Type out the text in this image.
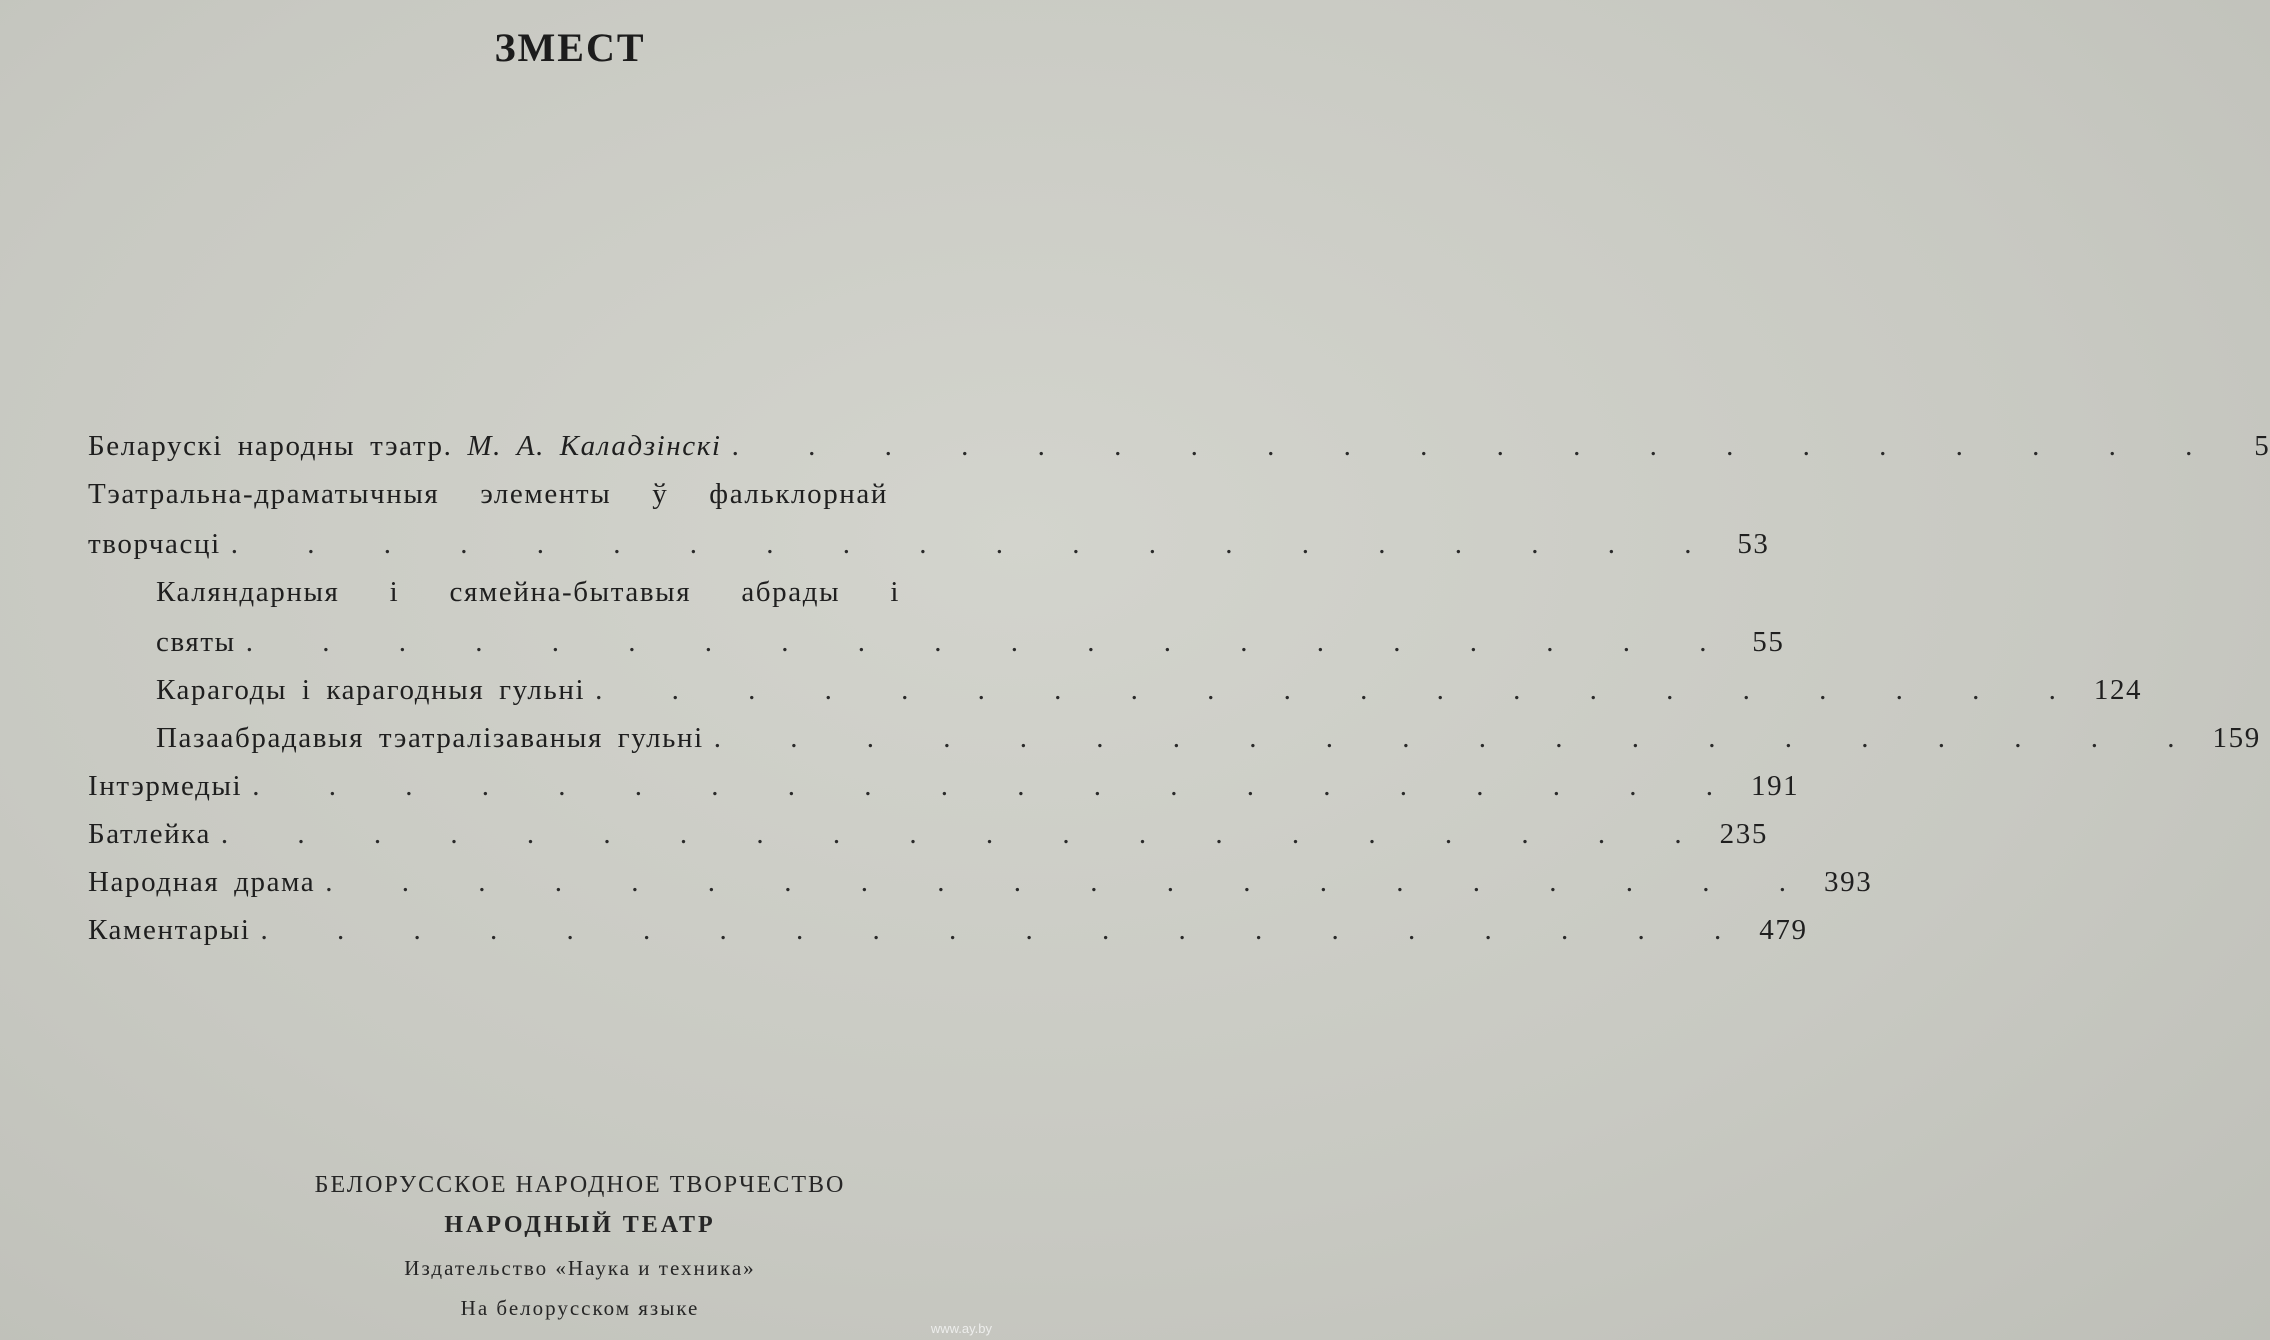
ЗМЕСТ
Беларускі народны тэатр. М. А. Каладзінскі . . . . . . . . . . . . . . . . . . . .	5
Тэатральна-драматычныя элементы ў фальклорнай
творчасці . . . . . . . . . . . . . . . . . . . . 53
Каляндарныя і сямейна-бытавыя абрады і
святы . . . . . . . . . . . . . . . . . . . . 55
Карагоды і карагодныя гульні . . . . . . . . . . . . . . . . . . . . 124
Пазаабрадавыя тэатралізаваныя гульні . . . . . . . . . . . . . . . . . . . . 159
Інтэрмедыі . . . . . . . . . . . . . . . . . . . . 191
Батлейка . . . . . . . . . . . . . . . . . . . . 235
Народная драма . . . . . . . . . . . . . . . . . . . . 393
Каментарыі . . . . . . . . . . . . . . . . . . . . 479
БЕЛОРУССКОЕ НАРОДНОЕ ТВОРЧЕСТВО
НАРОДНЫЙ ТЕАТР
Издательство «Наука и техника»
На белорусском языке
www.ay.by
